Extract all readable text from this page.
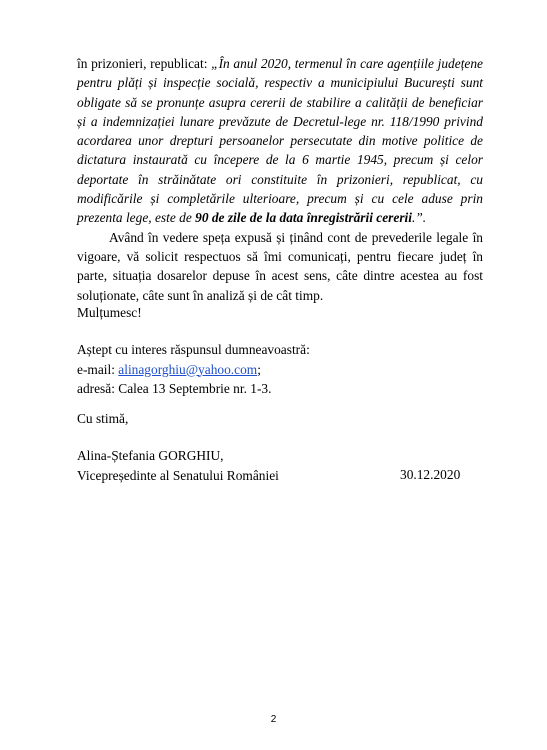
în prizonieri, republicat: „În anul 2020, termenul în care agențiile județene pentru plăți și inspecție socială, respectiv a municipiului București sunt obligate să se pronunțe asupra cererii de stabilire a calității de beneficiar și a indemnizației lunare prevăzute de Decretul-lege nr. 118/1990 privind acordarea unor drepturi persoanelor persecutate din motive politice de dictatura instaurată cu începere de la 6 martie 1945, precum și celor deportate în străinătate ori constituite în prizonieri, republicat, cu modificările și completările ulterioare, precum și cu cele aduse prin prezenta lege, este de 90 de zile de la data înregistrării cererii.”.

Având în vedere speța expusă și ținând cont de prevederile legale în vigoare, vă solicit respectuos să îmi comunicați, pentru fiecare județ în parte, situația dosarelor depuse în acest sens, câte dintre acestea au fost soluționate, câte sunt în analiză și de cât timp.

Mulțumesc!
Aștept cu interes răspunsul dumneavoastră:
e-mail: alinagorghiu@yahoo.com;
adresă: Calea 13 Septembrie nr. 1-3.
Cu stimă,
Alina-Ștefania GORGHIU,
Vicepreședinte al Senatului României	30.12.2020
2
